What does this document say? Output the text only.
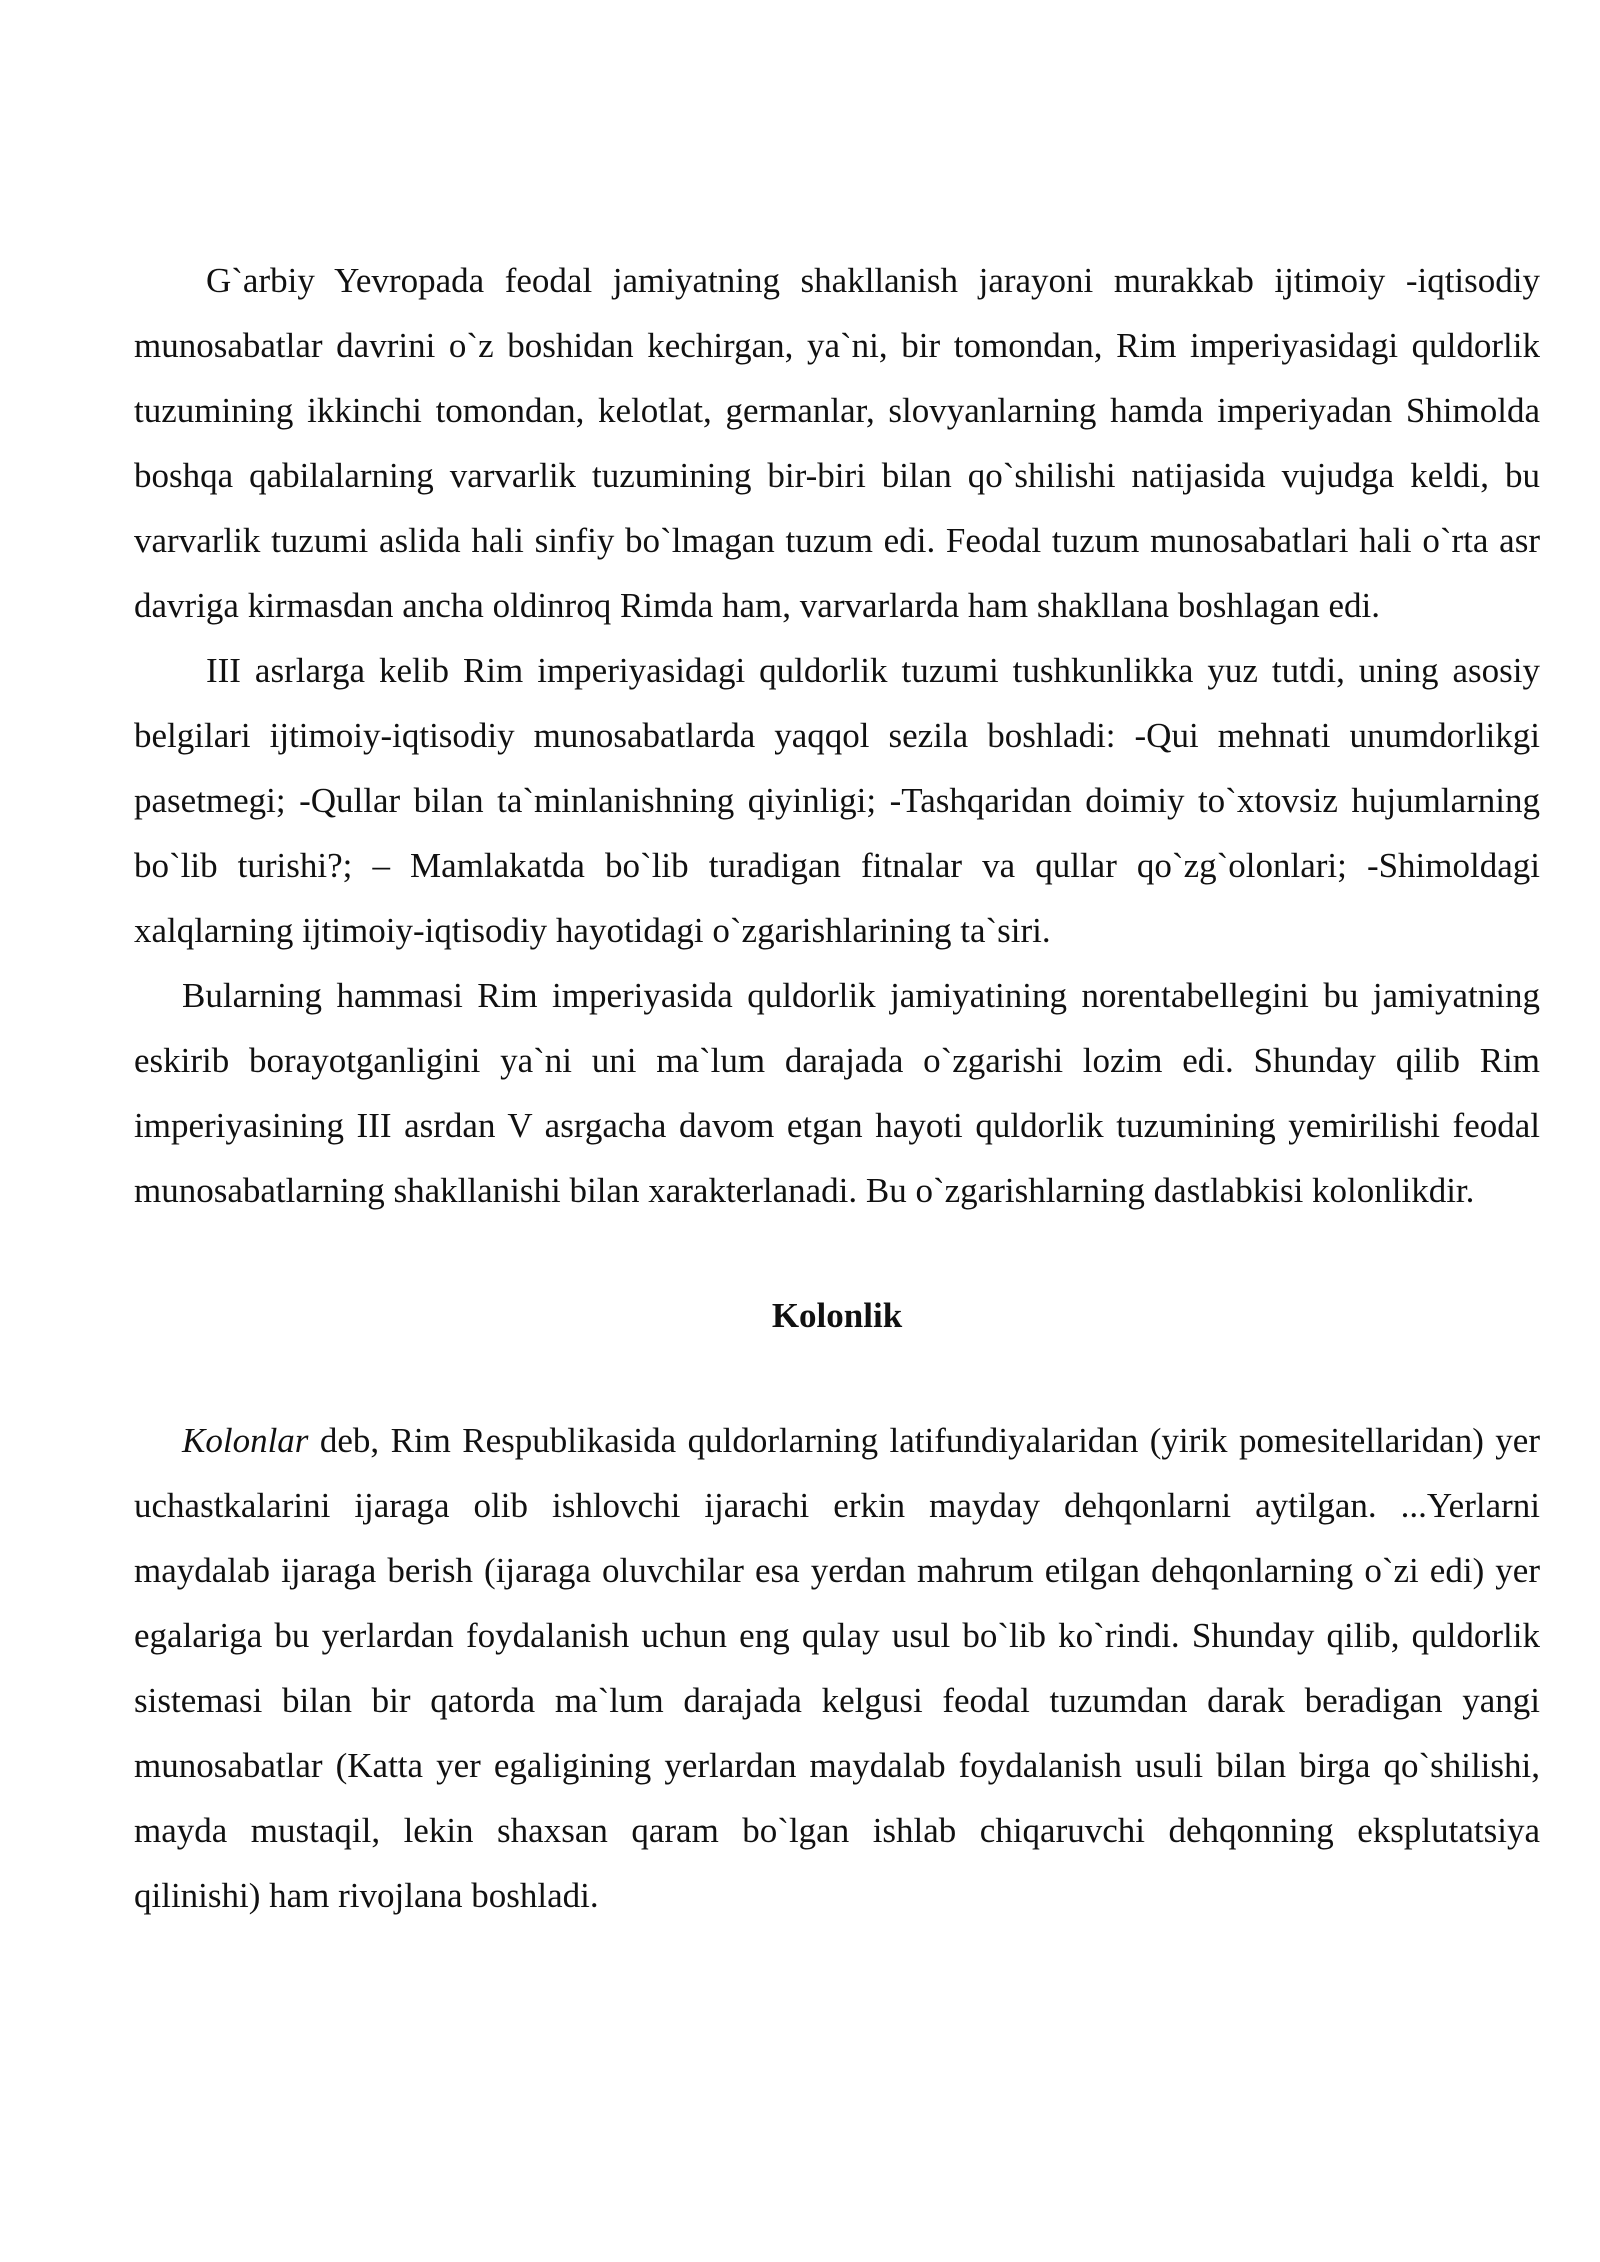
G`arbiy Yevropada feodal jamiyatning shakllanish jarayoni murakkab ijtimoiy -iqtisodiy munosabatlar davrini o`z boshidan kechirgan, ya`ni, bir tomondan, Rim imperiyasidagi quldorlik tuzumining ikkinchi tomondan, kelotlat, germanlar, slovyanlarning hamda imperiyadan Shimolda boshqa qabilalarning varvarlik tuzumining bir-biri bilan qo`shilishi natijasida vujudga keldi, bu varvarlik tuzumi aslida hali sinfiy bo`lmagan tuzum edi. Feodal tuzum munosabatlari hali o`rta asr davriga kirmasdan ancha oldinroq Rimda ham, varvarlarda ham shakllana boshlagan edi.

III asrlarga kelib Rim imperiyasidagi quldorlik tuzumi tushkunlikka yuz tutdi, uning asosiy belgilari ijtimoiy-iqtisodiy munosabatlarda yaqqol sezila boshladi: -Qui mehnati unumdorlikgi pasetmegi; -Qullar bilan ta`minlanishning qiyinligi; -Tashqaridan doimiy to`xtovsiz hujumlarning bo`lib turishi?; – Mamlakatda bo`lib turadigan fitnalar va qullar qo`zg`olonlari; -Shimoldagi xalqlarning ijtimoiy-iqtisodiy hayotidagi o`zgarishlarining ta`siri.

Bularning hammasi Rim imperiyasida quldorlik jamiyatining norentabellegini bu jamiyatning eskirib borayotganligini ya`ni uni ma`lum darajada o`zgarishi lozim edi. Shunday qilib Rim imperiyasining III asrdan V asrgacha davom etgan hayoti quldorlik tuzumining yemirilishi feodal munosabatlarning shakllanishi bilan xarakterlanadi. Bu o`zgarishlarning dastlabkisi kolonlikdir.

Kolonlik

Kolonlar deb, Rim Respublikasida quldorlarning latifundiyalaridan (yirik pomesitellaridan) yer uchastkalarini ijaraga olib ishlovchi ijarachi erkin mayday dehqonlarni aytilgan. ...Yerlarni maydalab ijaraga berish (ijaraga oluvchilar esa yerdan mahrum etilgan dehqonlarning o`zi edi) yer egalariga bu yerlardan foydalanish uchun eng qulay usul bo`lib ko`rindi. Shunday qilib, quldorlik sistemasi bilan bir qatorda ma`lum darajada kelgusi feodal tuzumdan darak beradigan yangi munosabatlar (Katta yer egaligining yerlardan maydalab foydalanish usuli bilan birga qo`shilishi, mayda mustaqil, lekin shaxsan qaram bo`lgan ishlab chiqaruvchi dehqonning eksplutatsiya qilinishi) ham rivojlana boshladi.
